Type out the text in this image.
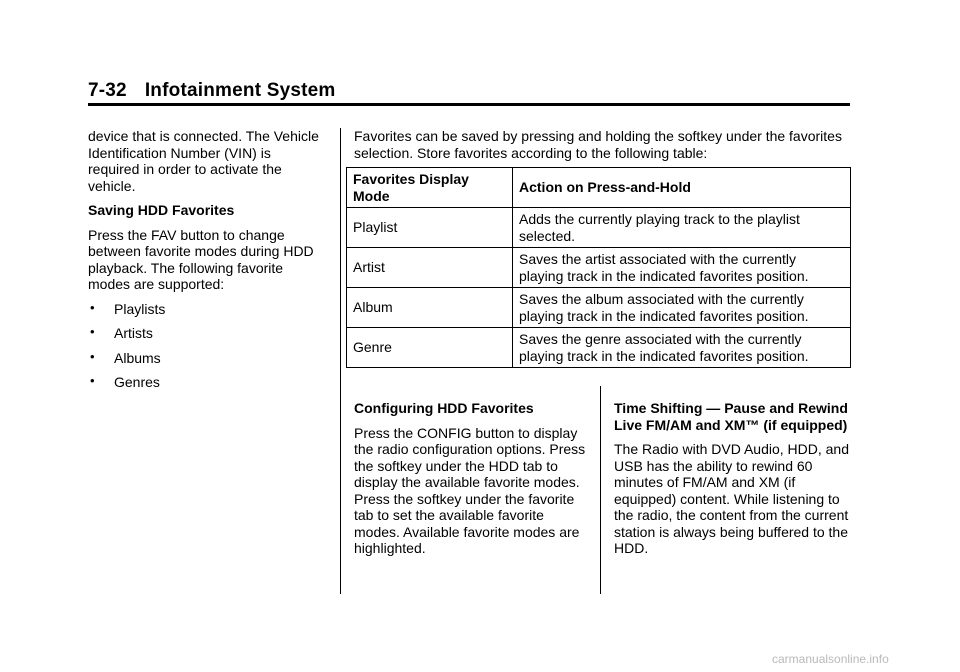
7-32 Infotainment System

device that is connected. The Vehicle Identification Number (VIN) is required in order to activate the vehicle.

Saving HDD Favorites

Press the FAV button to change between favorite modes during HDD playback. The following favorite modes are supported:

• Playlists
• Artists
• Albums
• Genres

Favorites can be saved by pressing and holding the softkey under the favorites selection. Store favorites according to the following table:

Favorites Display Mode	Action on Press-and-Hold
Playlist	Adds the currently playing track to the playlist selected.
Artist	Saves the artist associated with the currently playing track in the indicated favorites position.
Album	Saves the album associated with the currently playing track in the indicated favorites position.
Genre	Saves the genre associated with the currently playing track in the indicated favorites position.

Configuring HDD Favorites

Press the CONFIG button to display the radio configuration options. Press the softkey under the HDD tab to display the available favorite modes. Press the softkey under the favorite tab to set the available favorite modes. Available favorite modes are highlighted.

Time Shifting — Pause and Rewind Live FM/AM and XM™ (if equipped)

The Radio with DVD Audio, HDD, and USB has the ability to rewind 60 minutes of FM/AM and XM (if equipped) content. While listening to the radio, the content from the current station is always being buffered to the HDD.

carmanualsonline.info
